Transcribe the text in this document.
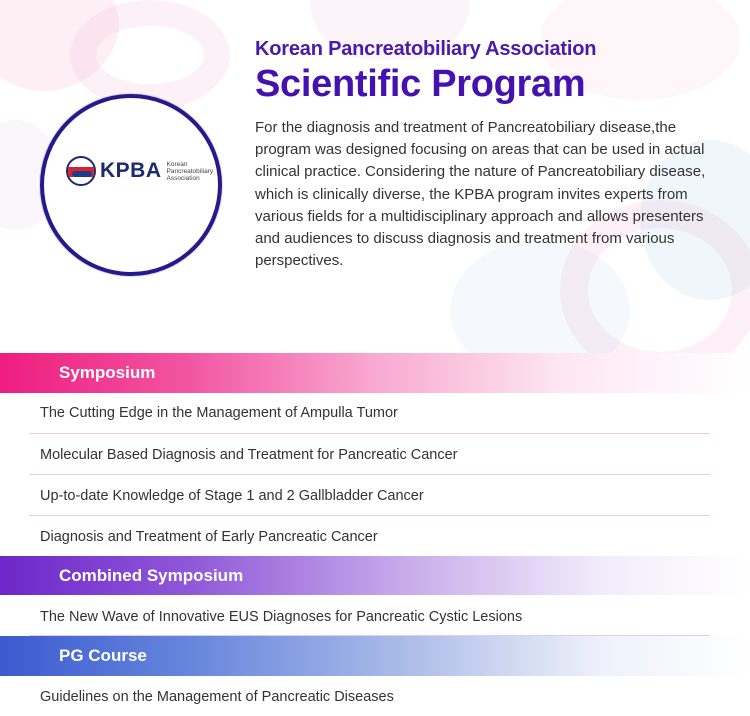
KPBA Korean Pancreatobiliary Association
Korean Pancreatobiliary Association
Scientific Program
For the diagnosis and treatment of Pancreatobiliary disease,the program was designed focusing on areas that can be used in actual clinical practice. Considering the nature of Pancreatobiliary disease, which is clinically diverse, the KPBA program invites experts from various fields for a multidisciplinary approach and allows presenters and audiences to discuss diagnosis and treatment from various perspectives.
Symposium
The Cutting Edge in the Management of Ampulla Tumor
Molecular Based Diagnosis and Treatment for Pancreatic Cancer
Up-to-date Knowledge of Stage 1 and 2 Gallbladder Cancer
Diagnosis and Treatment of Early Pancreatic Cancer
Combined Symposium
The New Wave of Innovative EUS Diagnoses for Pancreatic Cystic Lesions
PG Course
Guidelines on the Management of Pancreatic Diseases
